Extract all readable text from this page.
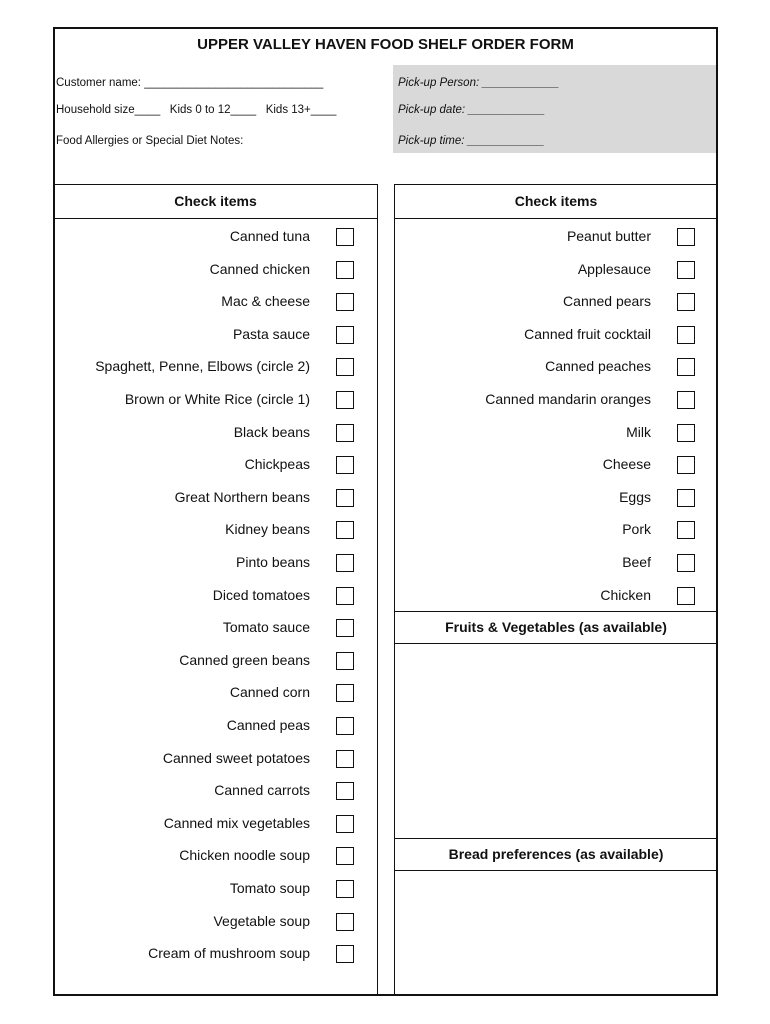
UPPER VALLEY HAVEN FOOD SHELF ORDER FORM
Customer name: ____________________________
Household size____   Kids 0 to 12____   Kids 13+____
Food Allergies or Special Diet Notes:
Pick-up Person: ____________
Pick-up date: ____________
Pick-up time: ____________
Check items
Canned tuna
Canned chicken
Mac & cheese
Pasta sauce
Spaghett, Penne, Elbows (circle 2)
Brown or White Rice (circle 1)
Black beans
Chickpeas
Great Northern beans
Kidney beans
Pinto beans
Diced tomatoes
Tomato sauce
Canned green beans
Canned corn
Canned peas
Canned sweet potatoes
Canned carrots
Canned mix vegetables
Chicken noodle soup
Tomato soup
Vegetable soup
Cream of mushroom soup
Check items
Peanut butter
Applesauce
Canned pears
Canned fruit cocktail
Canned peaches
Canned mandarin oranges
Milk
Cheese
Eggs
Pork
Beef
Chicken
Fruits & Vegetables (as available)
Bread preferences (as available)
